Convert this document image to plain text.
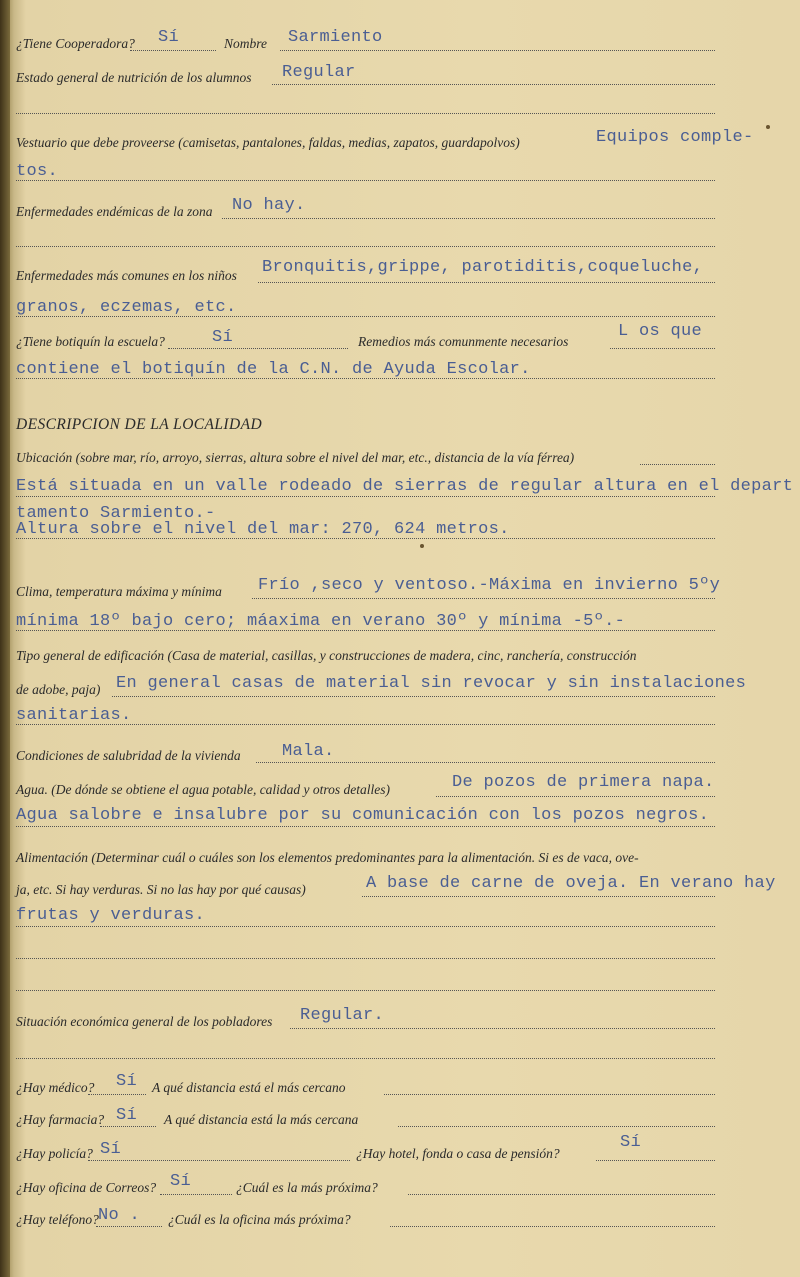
¿Tiene Cooperadora? Sí	Nombre Sarmiento
Estado general de nutrición de los alumnos Regular
Vestuario que debe proveerse (camisetas, pantalones, faldas, medias, zapatos, guardapolvos)	Equipos comple-
tos.
Enfermedades endémicas de la zona No hay.
Enfermedades más comunes en los niños Bronquitis,grippe, parotiditis,coqueluche,
granos, eczemas, etc.
¿Tiene botiquín la escuela?	Sí	Remedios más comunmente necesarios
L os que
contiene el botiquín de la C.N. de Ayuda Escolar.
DESCRIPCION DE LA LOCALIDAD
Ubicación (sobre mar, río, arroyo, sierras, altura sobre el nivel del mar, etc., distancia de la vía férrea)
Está situada en un valle rodeado de sierras de regular altura en el depart
tamento Sarmiento.-
Altura sobre el nivel del mar: 270, 624 metros.
Clima, temperatura máxima y mínima Frío ,seco y ventoso.-Máxima en invierno 5ºy
mínima 18º bajo cero; máaxima en verano 30º y mínima -5º.-
Tipo general de edificación (Casa de material, casillas, y construcciones de madera, cinc, ranchería, construcción
de adobe, paja) En general casas de material sin revocar y sin instalaciones
sanitarias.
Condiciones de salubridad de la vivienda Mala.
Agua. (De dónde se obtiene el agua potable, calidad y otros detalles)	De pozos de primera napa.
Agua salobre e insalubre por su comunicación con los pozos negros.
Alimentación (Determinar cuál o cuáles son los elementos predominantes para la alimentación. Si es de vaca, ove-
ja, etc. Si hay verduras. Si no las hay por qué causas)	A base de carne de oveja. En verano hay
frutas y verduras.
Situación económica general de los pobladores Regular.
¿Hay médico? Sí A qué distancia está el más cercano
¿Hay farmacia? Sí A qué distancia está la más cercana
¿Hay policía? Sí	¿Hay hotel, fonda o casa de pensión?
Sí
¿Hay oficina de Correos? Sí	¿Cuál es la más próxima?
¿Hay teléfono? No . ¿Cuál es la oficina más próxima?
